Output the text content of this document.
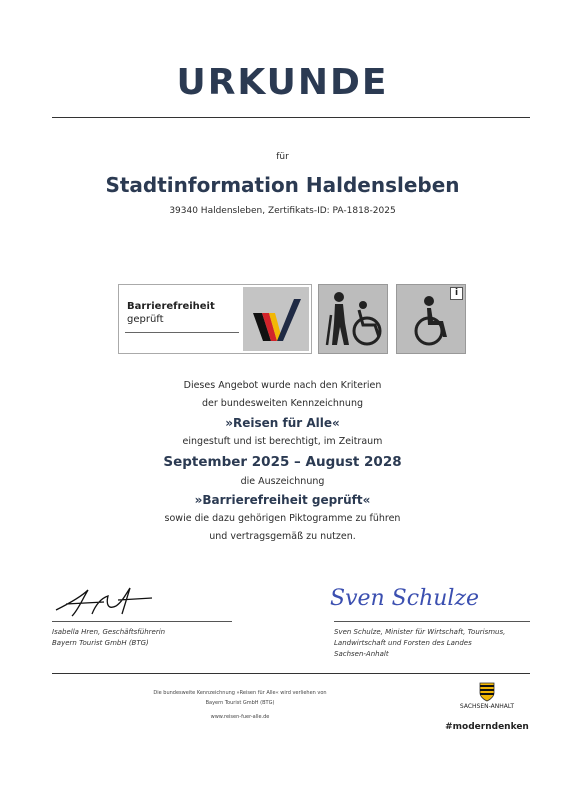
URKUNDE
für
Stadtinformation Haldensleben
39340 Haldensleben, Zertifikats-ID: PA-1818-2025
Barrierefreiheit
geprüft
i
Dieses Angebot wurde nach den Kriterien
der bundesweiten Kennzeichnung
»Reisen für Alle«
eingestuft und ist berechtigt, im Zeitraum
September 2025 – August 2028
die Auszeichnung
»Barrierefreiheit geprüft«
sowie die dazu gehörigen Piktogramme zu führen
und vertragsgemäß zu nutzen.
Isabella Hren, Geschäftsführerin
Bayern Tourist GmbH (BTG)
Sven Schulze
Sven Schulze, Minister für Wirtschaft, Tourismus,
Landwirtschaft und Forsten des Landes
Sachsen-Anhalt
Die bundesweite Kennzeichnung »Reisen für Alle« wird verliehen von
Bayern Tourist GmbH (BTG)
www.reisen-fuer-alle.de
SACHSEN-ANHALT
#moderndenken
